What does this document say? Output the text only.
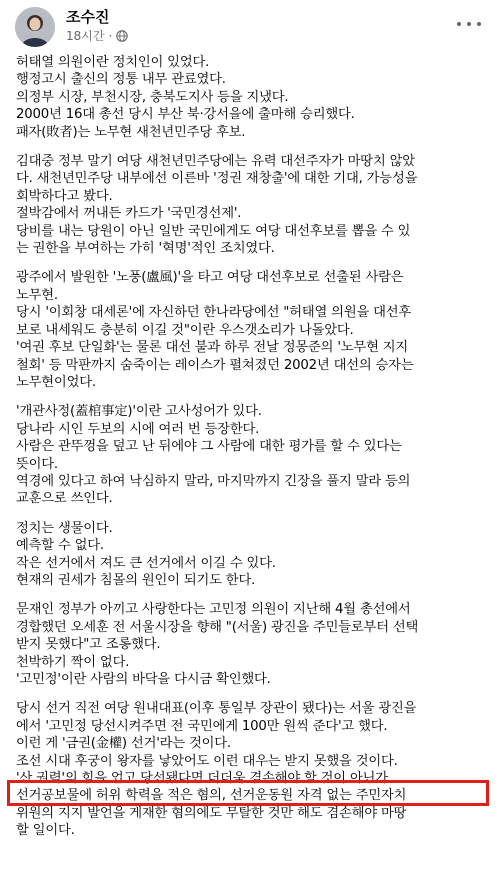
조수진
18시간 ·
허태열 의원이란 정치인이 있었다.
행정고시 출신의 정통 내무 관료였다.
의정부 시장, 부천시장, 충북도지사 등을 지냈다.
2000년 16대 총선 당시 부산 북·강서을에 출마해 승리했다.
패자(敗者)는 노무현 새천년민주당 후보.
김대중 정부 말기 여당 새천년민주당에는 유력 대선주자가 마땅치 않았
다. 새천년민주당 내부에선 이른바 '정권 재창출'에 대한 기대, 가능성을
회박하다고 봤다.
절박감에서 꺼내든 카드가 '국민경선제'.
당비를 내는 당원이 아닌 일반 국민에게도 여당 대선후보를 뽑을 수 있
는 권한을 부여하는 가히 '혁명'적인 조치였다.
광주에서 발원한 '노풍(盧風)'을 타고 여당 대선후보로 선출된 사람은
노무현.
당시 '이회창 대세론'에 자신하던 한나라당에선 "허태열 의원을 대선후
보로 내세워도 충분히 이길 것"이란 우스갯소리가 나돌았다.
'여권 후보 단일화'는 물론 대선 불과 하루 전날 정몽준의 '노무현 지지
철회' 등 막판까지 숨죽이는 레이스가 펼쳐졌던 2002년 대선의 승자는
노무현이었다.
'개관사정(蓋棺事定)'이란 고사성어가 있다.
당나라 시인 두보의 시에 여러 번 등장한다.
사람은 관뚜껑을 덮고 난 뒤에야 그 사람에 대한 평가를 할 수 있다는
뜻이다.
역경에 있다고 하여 낙심하지 말라, 마지막까지 긴장을 풀지 말라 등의
교훈으로 쓰인다.
정치는 생물이다.
예측할 수 없다.
작은 선거에서 져도 큰 선거에서 이길 수 있다.
현재의 권세가 침몰의 원인이 되기도 한다.
문재인 정부가 아끼고 사랑한다는 고민정 의원이 지난해 4월 총선에서
경합했던 오세훈 전 서울시장을 향해 "(서울) 광진을 주민들로부터 선택
받지 못했다"고 조롱했다.
천박하기 짝이 없다.
'고민정'이란 사람의 바닥을 다시금 확인했다.
당시 선거 직전 여당 원내대표(이후 통일부 장관이 됐다)는 서울 광진을
에서 '고민정 당선시켜주면 전 국민에게 100만 원씩 준다'고 했다.
이런 게 '금권(金權) 선거'라는 것이다.
조선 시대 후궁이 왕자를 낳았어도 이런 대우는 받지 못했을 것이다.
'산 권력'의 힘을 업고 당선됐다면 더더욱 겸손해야 할 것이 아닌가.
선거공보물에 허위 학력을 적은 혐의, 선거운동원 자격 없는 주민자치
위원의 지지 발언을 게재한 혐의에도 무탈한 것만 해도 겸손해야 마땅
할 일이다.
